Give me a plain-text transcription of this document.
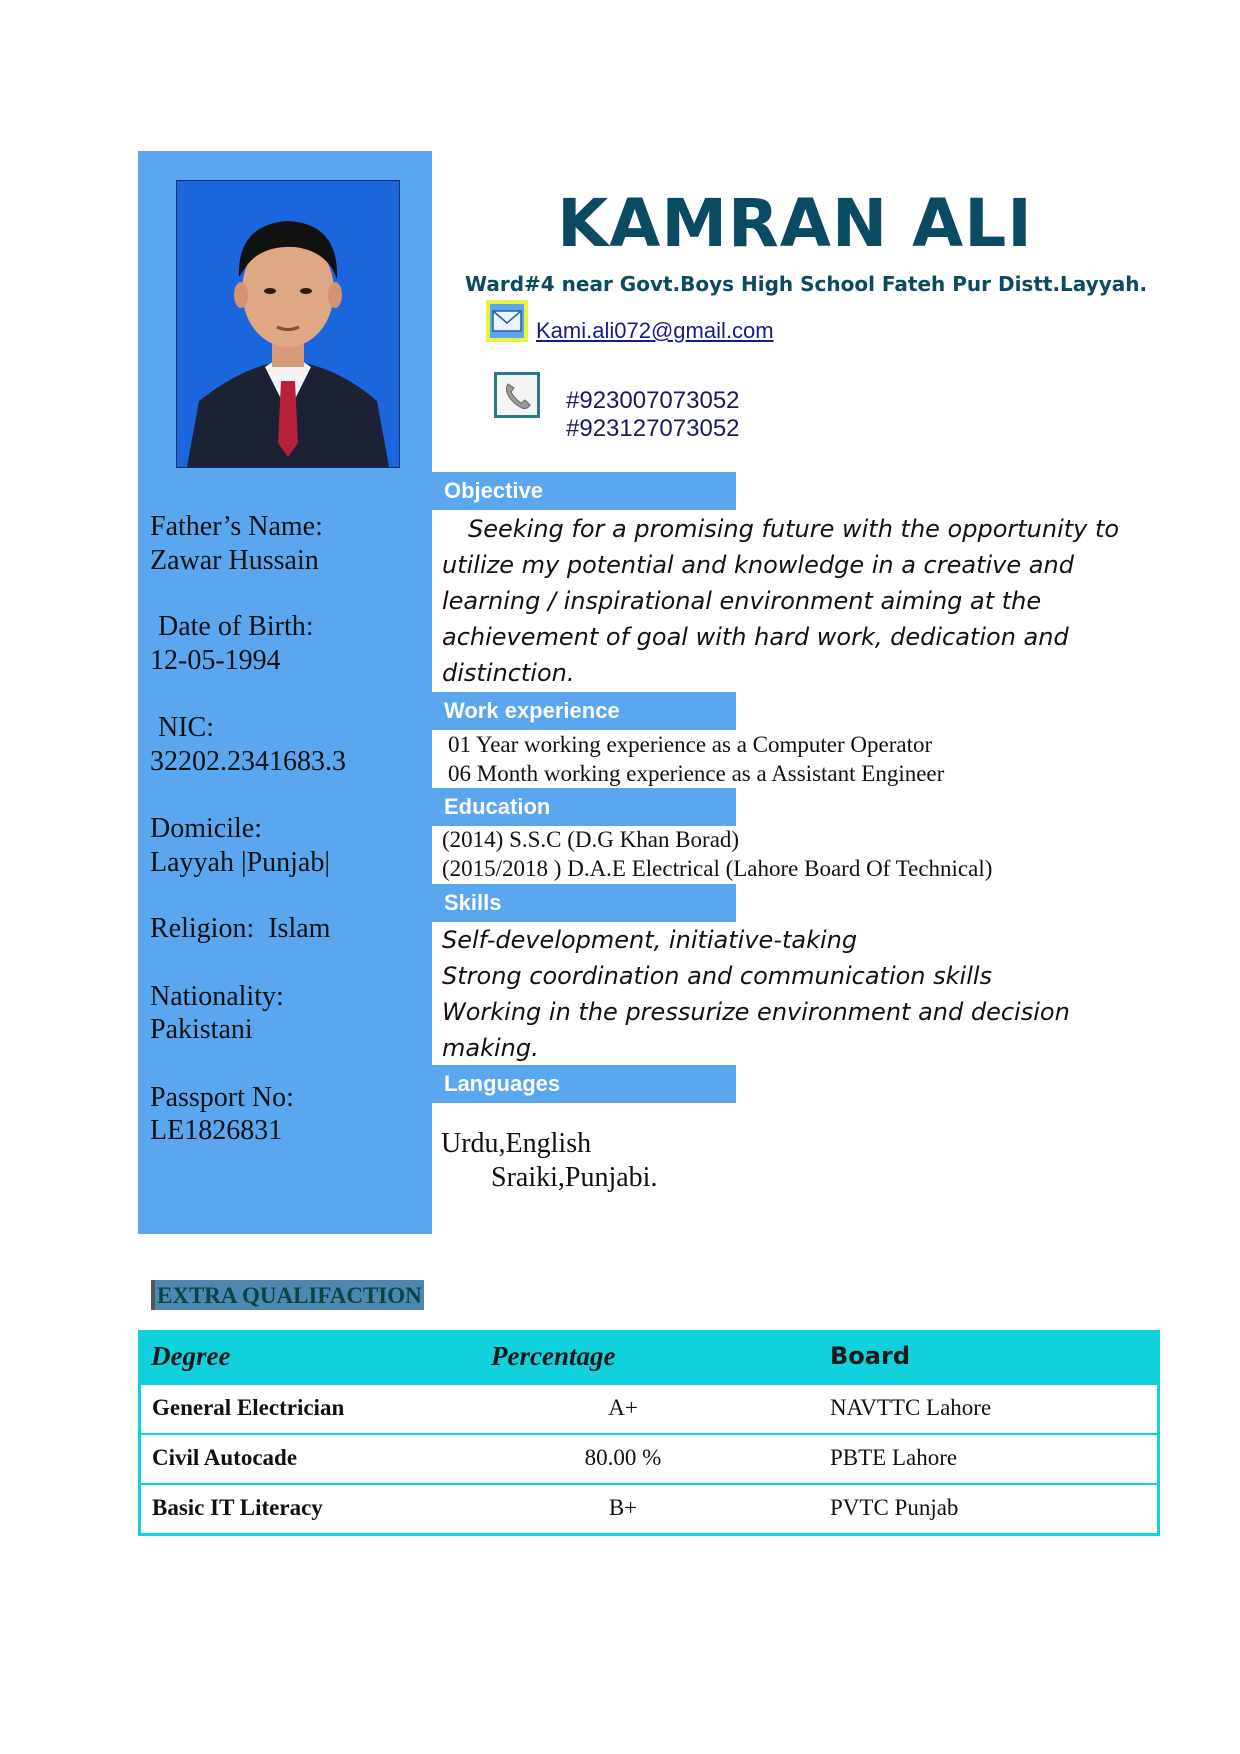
KAMRAN ALI
Ward#4 near Govt.Boys High School Fateh Pur Distt.Layyah.
Kami.ali072@gmail.com
#923007073052
#923127073052
Father’s Name:
Zawar Hussain
Date of Birth:
12-05-1994
NIC:
32202.2341683.3
Domicile:
Layyah |Punjab|
Religion:  Islam
Nationality:
Pakistani
Passport No:
LE1826831
Objective
Seeking for a promising future with the opportunity to
utilize my potential and knowledge in a creative and
learning / inspirational environment aiming at the
achievement of goal with hard work, dedication and
distinction.
Work experience
01 Year working experience as a Computer Operator
06 Month working experience as a Assistant Engineer
Education
(2014) S.S.C (D.G Khan Borad)
(2015/2018 ) D.A.E Electrical (Lahore Board Of Technical)
Skills
Self-development, initiative-taking
Strong coordination and communication skills
Working in the pressurize environment and decision
making.
Languages
Urdu,English
Sraiki,Punjabi.
EXTRA QUALIFACTION
Degree	Percentage	Board
General Electrician	A+	NAVTTC Lahore
Civil Autocade	80.00 %	PBTE Lahore
Basic IT Literacy	B+	PVTC Punjab
